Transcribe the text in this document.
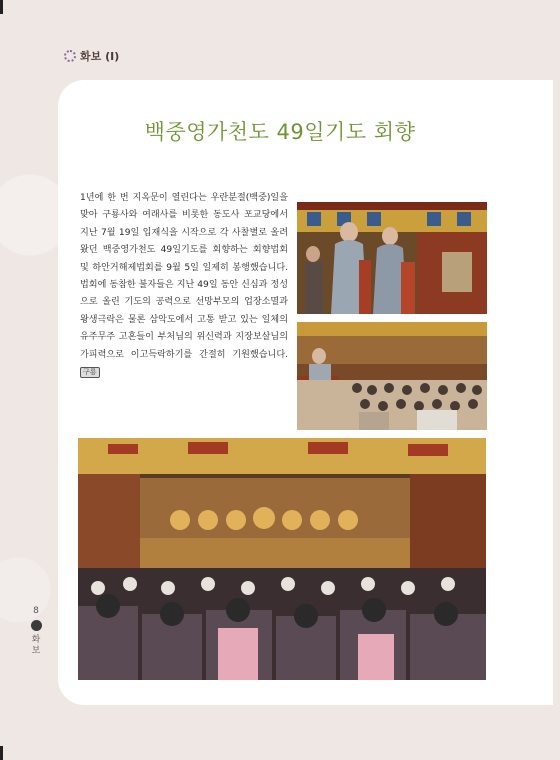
화보 (Ⅰ)
백중영가천도 49일기도 회향
1년에 한 번 지옥문이 열린다는 우란분절(백중)일을 맞아 구룡사와 여래사를 비롯한 동도사 포교당에서 지난 7월 19일 입재식을 시작으로 각 사찰별로 올려왔던 백중영가천도 49일기도를 회향하는 회향법회 및 하안거해제법회를 9월 5일 일제히 봉행했습니다. 법회에 동참한 불자들은 지난 49일 동안 신심과 정성으로 올린 기도의 공력으로 선망부모의 업장소멸과 왕생극락은 물론 삼악도에서 고통 받고 있는 일체의 유주무주 고혼들이 부처님의 위신력과 지장보살님의 가피력으로 이고득락하기를 간절히 기원했습니다. 구룡
8
화
보
